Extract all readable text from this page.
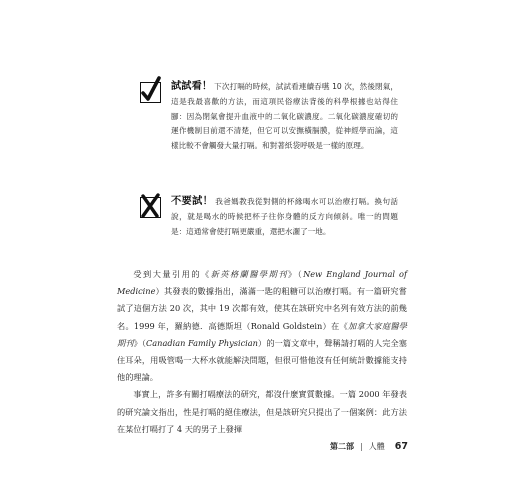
試試看！ 下次打嗝的時候，試試看連續吞嚥 10 次，然後閉氣，這是我最喜歡的方法，而這項民俗療法背後的科學根據也站得住腳：因為閉氣會提升血液中的二氧化碳濃度。二氧化碳濃度確切的運作機制目前還不清楚，但它可以安撫橫膈膜，從神經學而論，這樣比較不會觸發大量打嗝。和對著紙袋呼吸是一樣的原理。
不要試！ 我爸媽教我從對側的杯緣喝水可以治療打嗝。換句話說，就是喝水的時候把杯子往你身體的反方向傾斜。唯一的問題是：這通常會使打嗝更嚴重，還把水灑了一地。

受到大量引用的《新英格蘭醫學期刊》（New England Journal of Medicine）其發表的數據指出，滿滿一匙的粗糖可以治療打嗝。有一篇研究嘗試了這個方法 20 次，其中 19 次都有效，使其在該研究中名列有效方法的前幾名。1999 年，羅納德．高德斯坦（Ronald Goldstein）在《加拿大家庭醫學期刊》（Canadian Family Physician）的一篇文章中，聲稱請打嗝的人完全塞住耳朵，用吸管喝一大杯水就能解決問題，但很可惜他沒有任何統計數據能支持他的理論。

事實上，許多有關打嗝療法的研究，都沒什麼實質數據。一篇 2000 年發表的研究論文指出，性是打嗝的絕佳療法，但是該研究只提出了一個案例：此方法在某位打嗝打了 4 天的男子上發揮

第二部 | 人體 67
